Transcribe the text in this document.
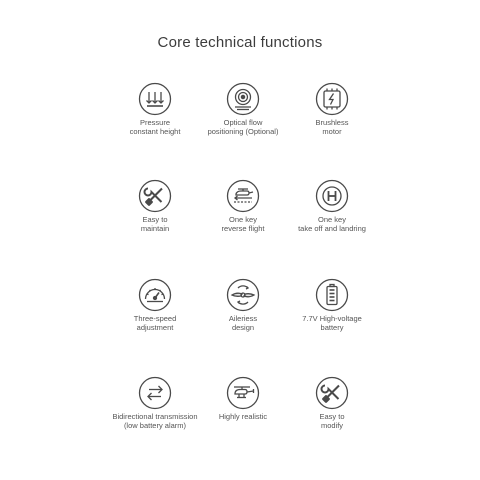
Core technical functions
Pressure
constant height
Optical flow
positioning (Optional)
Brushless
motor
Easy to
maintain
One key
reverse flight
One key
take off and landring
Three-speed
adjustment
Aileriess
design
7.7V High-voltage
battery
Bidirectional transmission
(low battery alarm)
Highly realistic	Easy to
modify
